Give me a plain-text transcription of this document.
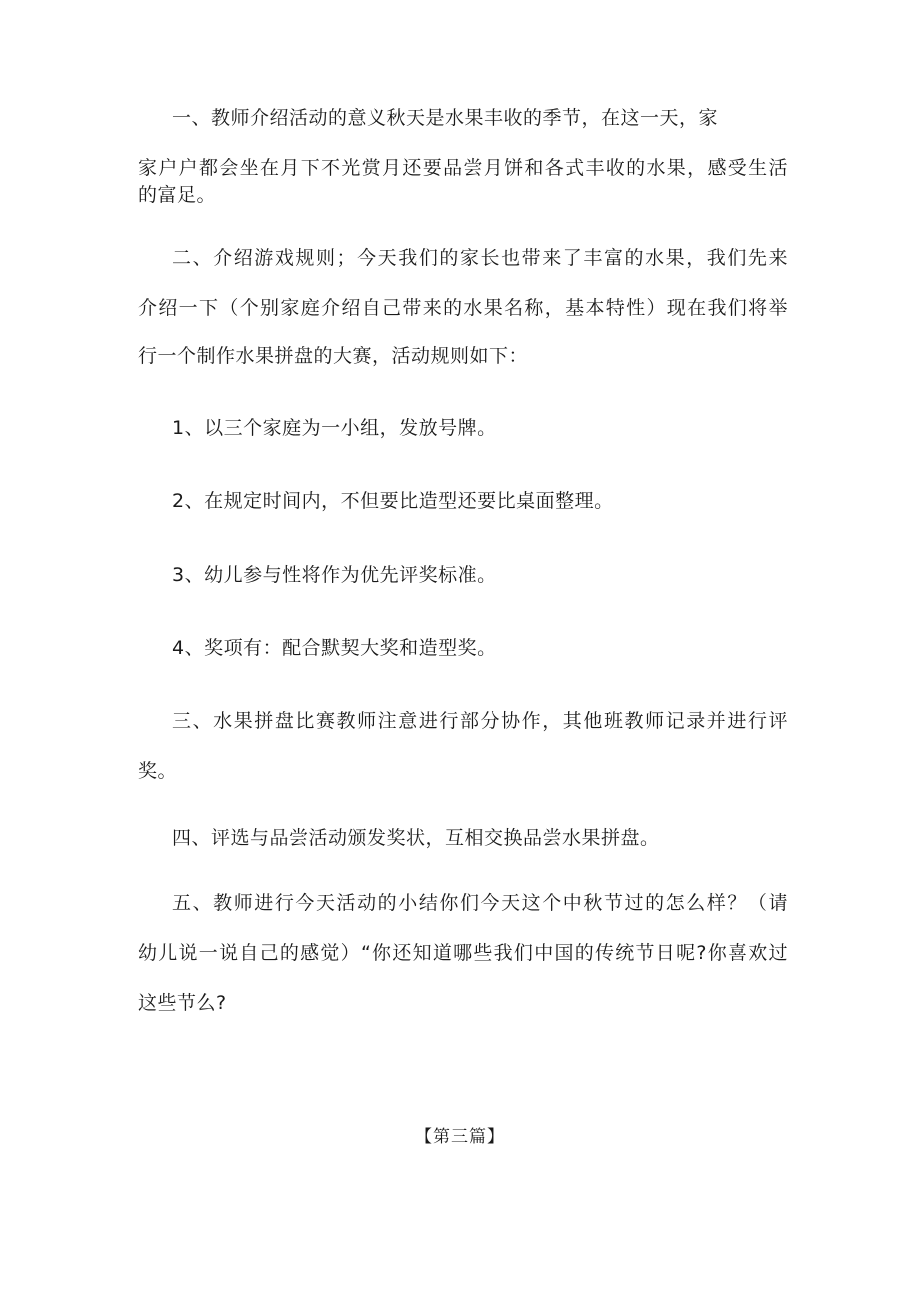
一、教师介绍活动的意义秋天是水果丰收的季节，在这一天，家
家户户都会坐在月下不光赏月还要品尝月饼和各式丰收的水果，感受生活
的富足。
二、介绍游戏规则；今天我们的家长也带来了丰富的水果，我们先来
介绍一下（个别家庭介绍自己带来的水果名称，基本特性）现在我们将举
行一个制作水果拼盘的大赛，活动规则如下：
1、以三个家庭为一小组，发放号牌。
2、在规定时间内，不但要比造型还要比桌面整理。
3、幼儿参与性将作为优先评奖标准。
4、奖项有：配合默契大奖和造型奖。
三、水果拼盘比赛教师注意进行部分协作，其他班教师记录并进行评
奖。
四、评选与品尝活动颁发奖状，互相交换品尝水果拼盘。
五、教师进行今天活动的小结你们今天这个中秋节过的怎么样？（请
幼儿说一说自己的感觉）“你还知道哪些我们中国的传统节日呢?你喜欢过
这些节么?
【第三篇】
